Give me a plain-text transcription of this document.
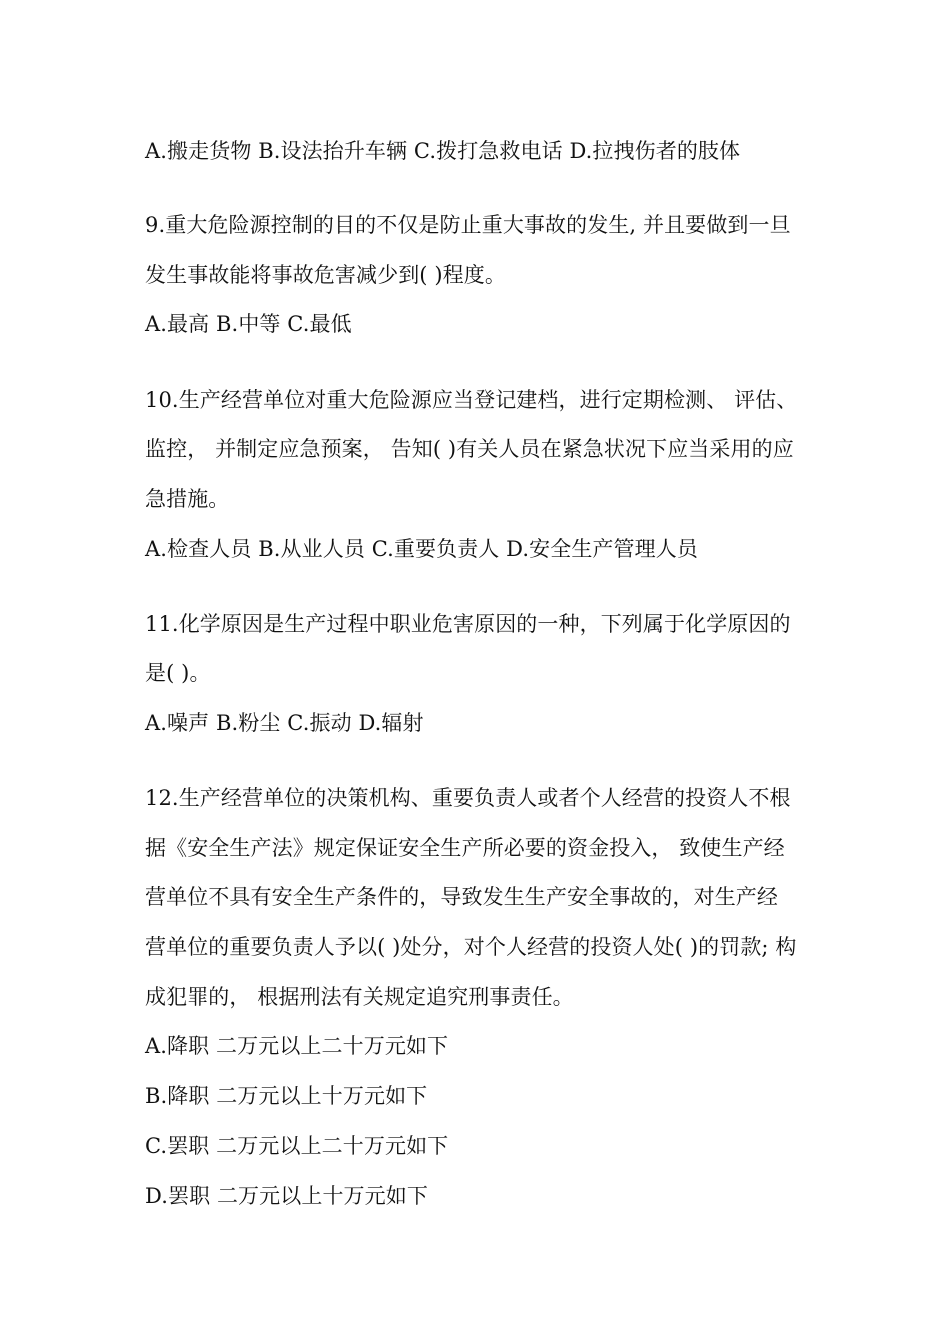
A.搬走货物 B.设法抬升车辆 C.拨打急救电话 D.拉拽伤者的肢体
9.重大危险源控制的目的不仅是防止重大事故的发生, 并且要做到一旦
发生事故能将事故危害减少到( )程度。
A.最高 B.中等 C.最低
10.生产经营单位对重大危险源应当登记建档，进行定期检测、 评估、
监控， 并制定应急预案， 告知( )有关人员在紧急状况下应当采用的应
急措施。
A.检查人员 B.从业人员 C.重要负责人 D.安全生产管理人员
11.化学原因是生产过程中职业危害原因的一种，下列属于化学原因的
是( )。
A.噪声 B.粉尘 C.振动 D.辐射
12.生产经营单位的决策机构、重要负责人或者个人经营的投资人不根
据《安全生产法》规定保证安全生产所必要的资金投入， 致使生产经
营单位不具有安全生产条件的，导致发生生产安全事故的，对生产经
营单位的重要负责人予以( )处分，对个人经营的投资人处( )的罚款; 构
成犯罪的， 根据刑法有关规定追究刑事责任。
A.降职 二万元以上二十万元如下
B.降职 二万元以上十万元如下
C.罢职 二万元以上二十万元如下
D.罢职 二万元以上十万元如下
